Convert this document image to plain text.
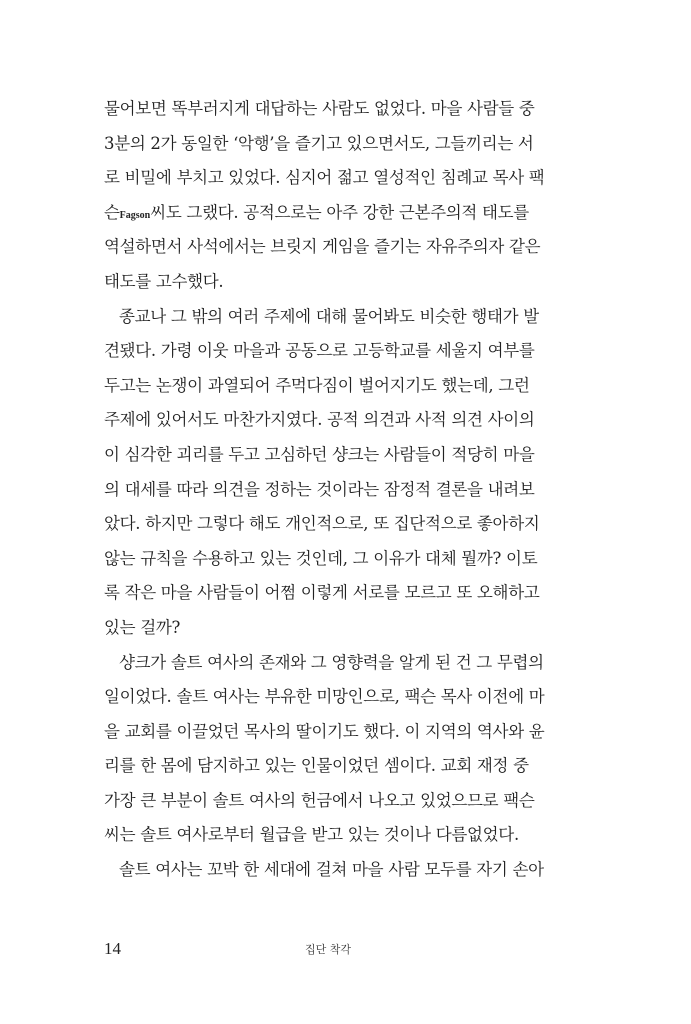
물어보면 똑부러지게 대답하는 사람도 없었다. 마을 사람들 중
3분의 2가 동일한 ‘악행’을 즐기고 있으면서도, 그들끼리는 서
로 비밀에 부치고 있었다. 심지어 젊고 열성적인 침례교 목사 팩
슨Fagson씨도 그랬다. 공적으로는 아주 강한 근본주의적 태도를
역설하면서 사석에서는 브릿지 게임을 즐기는 자유주의자 같은
태도를 고수했다.
종교나 그 밖의 여러 주제에 대해 물어봐도 비슷한 행태가 발
견됐다. 가령 이웃 마을과 공동으로 고등학교를 세울지 여부를
두고는 논쟁이 과열되어 주먹다짐이 벌어지기도 했는데, 그런
주제에 있어서도 마찬가지였다. 공적 의견과 사적 의견 사이의
이 심각한 괴리를 두고 고심하던 샹크는 사람들이 적당히 마을
의 대세를 따라 의견을 정하는 것이라는 잠정적 결론을 내려보
았다. 하지만 그렇다 해도 개인적으로, 또 집단적으로 좋아하지
않는 규칙을 수용하고 있는 것인데, 그 이유가 대체 뭘까? 이토
록 작은 마을 사람들이 어쩜 이렇게 서로를 모르고 또 오해하고
있는 걸까?
샹크가 솔트 여사의 존재와 그 영향력을 알게 된 건 그 무렵의
일이었다. 솔트 여사는 부유한 미망인으로, 팩슨 목사 이전에 마
을 교회를 이끌었던 목사의 딸이기도 했다. 이 지역의 역사와 윤
리를 한 몸에 담지하고 있는 인물이었던 셈이다. 교회 재정 중
가장 큰 부분이 솔트 여사의 헌금에서 나오고 있었으므로 팩슨
씨는 솔트 여사로부터 월급을 받고 있는 것이나 다름없었다.
솔트 여사는 꼬박 한 세대에 걸쳐 마을 사람 모두를 자기 손아
14	집단 착각
